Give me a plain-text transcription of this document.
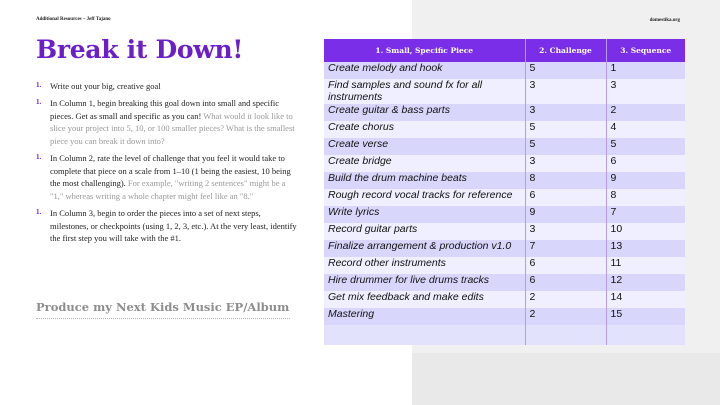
Additional Resources – Jeff Tajano	domestika.org
Break it Down!
1. Write out your big, creative goal
1. In Column 1, begin breaking this goal down into small and specific pieces. Get as small and specific as you can! What would it look like to slice your project into 5, 10, or 100 smaller pieces? What is the smallest piece you can break it down into?
1. In Column 2, rate the level of challenge that you feel it would take to complete that piece on a scale from 1–10 (1 being the easiest, 10 being the most challenging). For example, "writing 2 sentences" might be a "1," whereas writing a whole chapter might feel like an "8."
1. In Column 3, begin to order the pieces into a set of next steps, milestones, or checkpoints (using 1, 2, 3, etc.). At the very least, identify the first step you will take with the #1.
Produce my Next Kids Music EP/Album
1. Small, Specific Piece	2. Challenge	3. Sequence
Create melody and hook	5	1
Find samples and sound fx for all instruments	3	3
Create guitar & bass parts	3	2
Create chorus	5	4
Create verse	5	5
Create bridge	3	6
Build the drum machine beats	8	9
Rough record vocal tracks for reference	6	8
Write lyrics	9	7
Record guitar parts	3	10
Finalize arrangement & production v1.0	7	13
Record other instruments	6	11
Hire drummer for live drums tracks	6	12
Get mix feedback and make edits	2	14
Mastering	2	15
